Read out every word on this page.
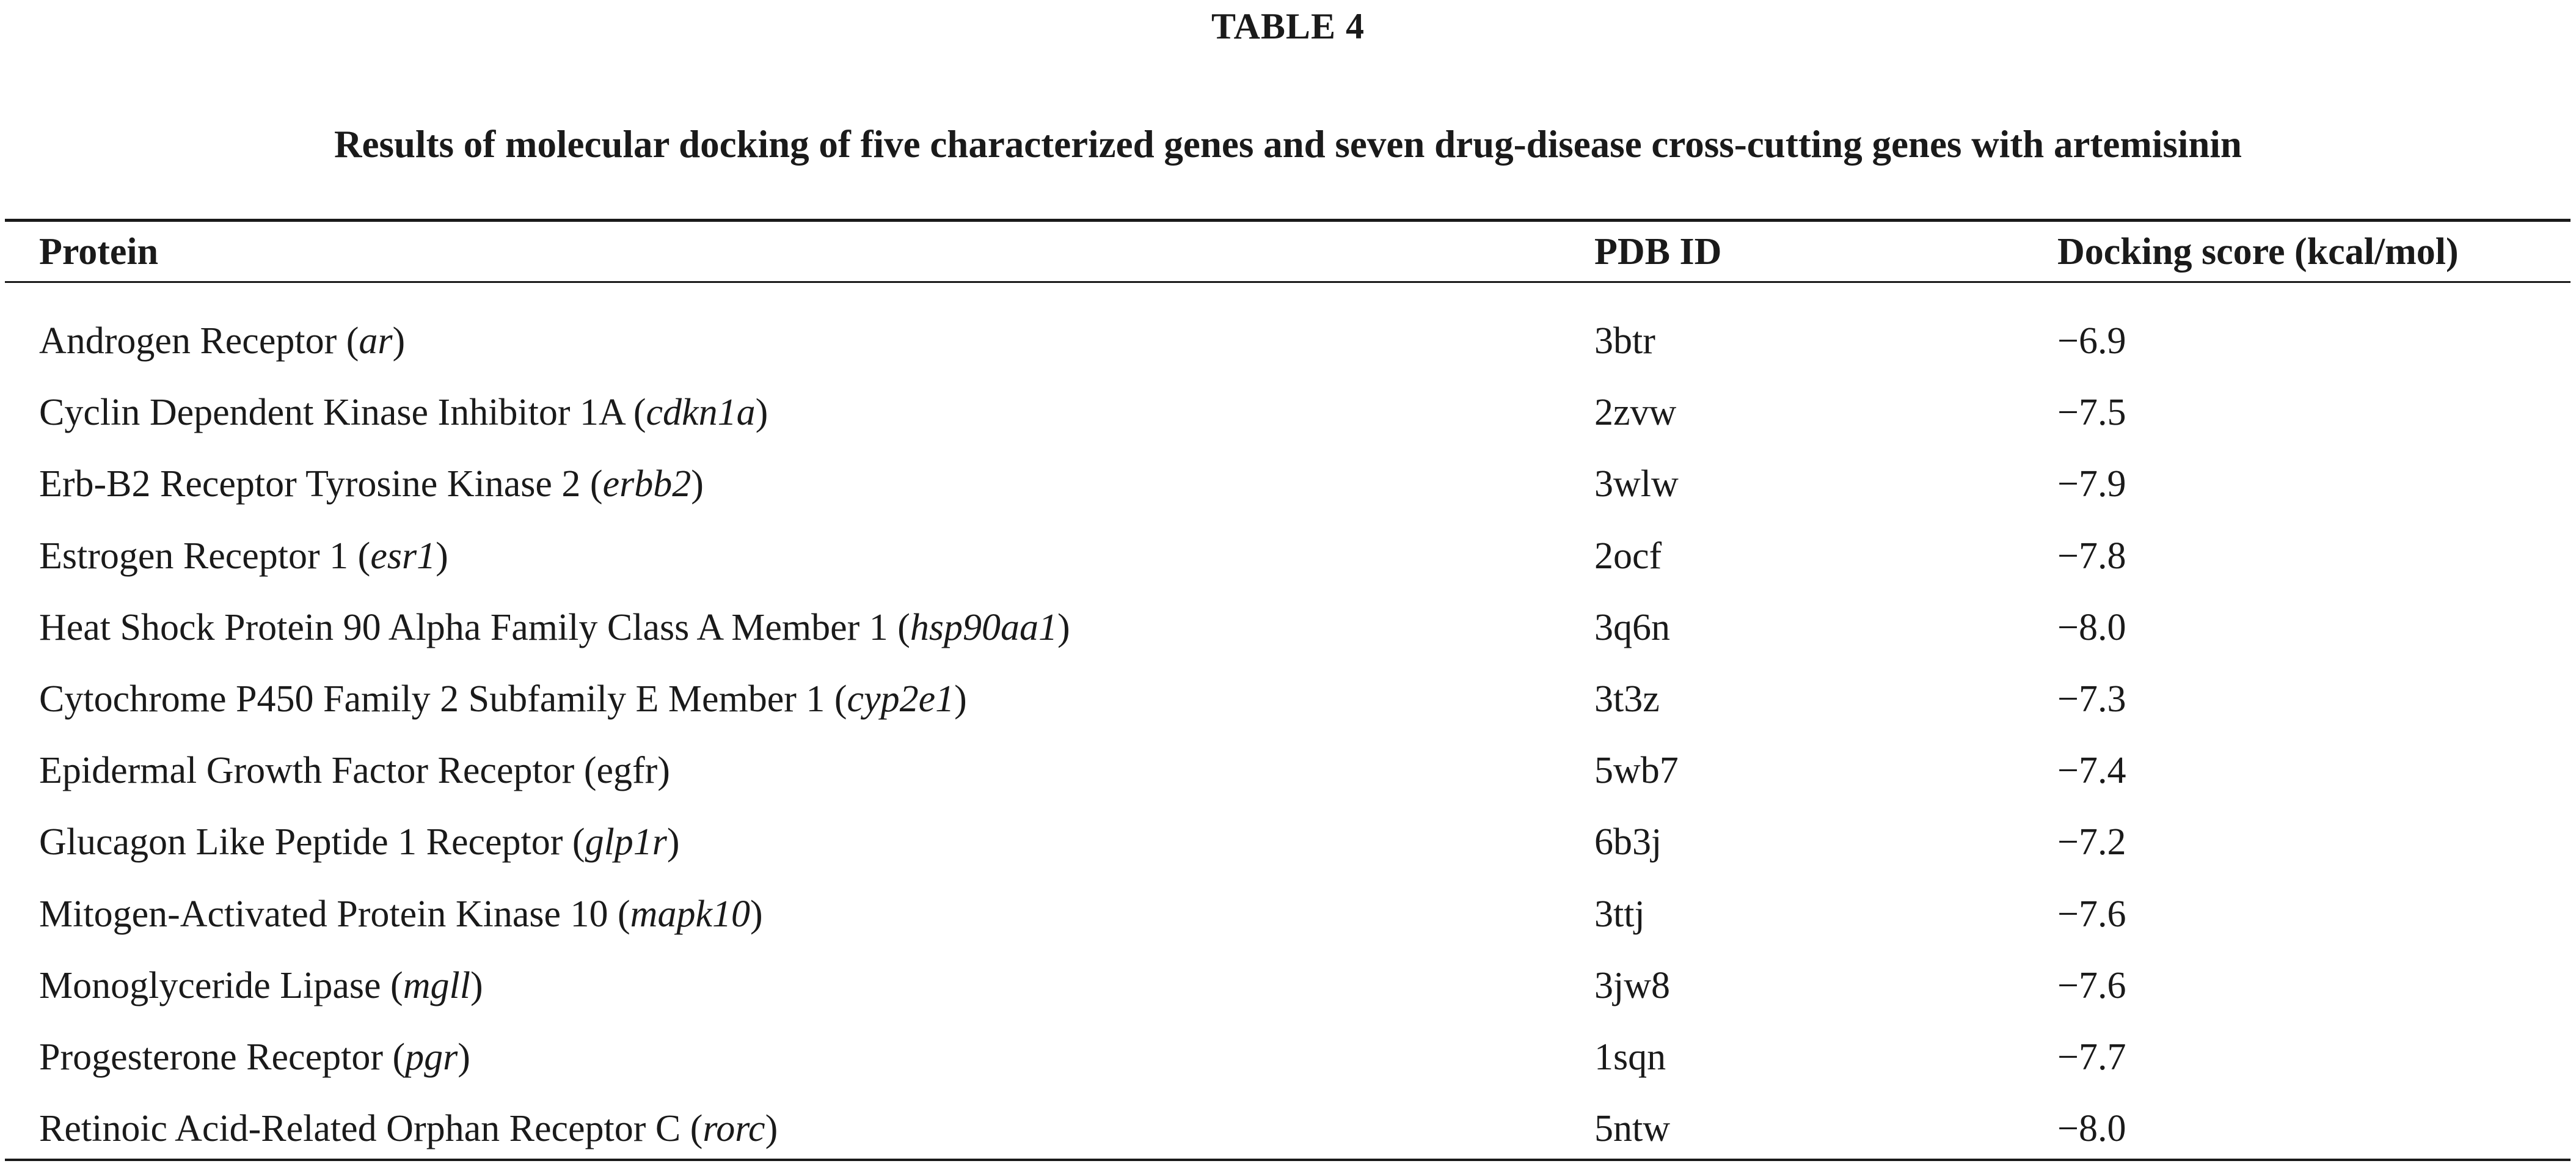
TABLE 4
Results of molecular docking of five characterized genes and seven drug-disease cross-cutting genes with artemisinin
Protein	PDB ID	Docking score (kcal/mol)
Androgen Receptor (ar)	3btr	−6.9
Cyclin Dependent Kinase Inhibitor 1A (cdkn1a)	2zvw	−7.5
Erb-B2 Receptor Tyrosine Kinase 2 (erbb2)	3wlw	−7.9
Estrogen Receptor 1 (esr1)	2ocf	−7.8
Heat Shock Protein 90 Alpha Family Class A Member 1 (hsp90aa1)	3q6n	−8.0
Cytochrome P450 Family 2 Subfamily E Member 1 (cyp2e1)	3t3z	−7.3
Epidermal Growth Factor Receptor (egfr)	5wb7	−7.4
Glucagon Like Peptide 1 Receptor (glp1r)	6b3j	−7.2
Mitogen-Activated Protein Kinase 10 (mapk10)	3ttj	−7.6
Monoglyceride Lipase (mgll)	3jw8	−7.6
Progesterone Receptor (pgr)	1sqn	−7.7
Retinoic Acid-Related Orphan Receptor C (rorc)	5ntw	−8.0
